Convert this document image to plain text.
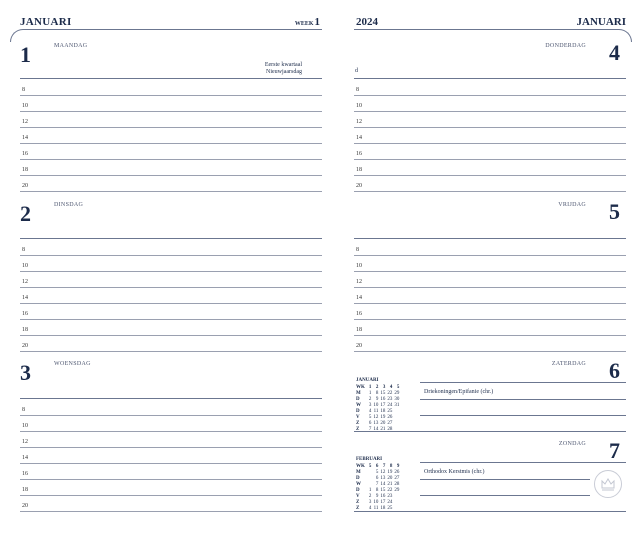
JANUARI	WEEK1
1	MAANDAG
Eerste kwartaal
Nieuwjaarsdag
8
10
12
14
16
18
20
2	DINSDAG
8
10
12
14
16
18
20
3	WOENSDAG
8
10
12
14
16
18
20
2024	JANUARI
4
DONDERDAG
d
8
10
12
14
16
18
20
5
VRIJDAG
8
10
12
14
16
18
20
6
ZATERDAG
Driekoningen/Epifanie (chr.)
JANUARI
WK	1	2	3	4	5
M	1	8	15	22	29
D	2	9	16	23	30
W	3	10	17	24	31
D	4	11	18	25	
V	5	12	19	26	
Z	6	13	20	27	
Z	7	14	21	28	
7
ZONDAG
Orthodox Kerstmis (chr.)
FEBRUARI
WK	5	6	7	8	9
M		5	12	19	26
D		6	13	20	27
W		7	14	21	28
D	1	8	15	22	29
V	2	9	16	23	
Z	3	10	17	24	
Z	4	11	18	25	
